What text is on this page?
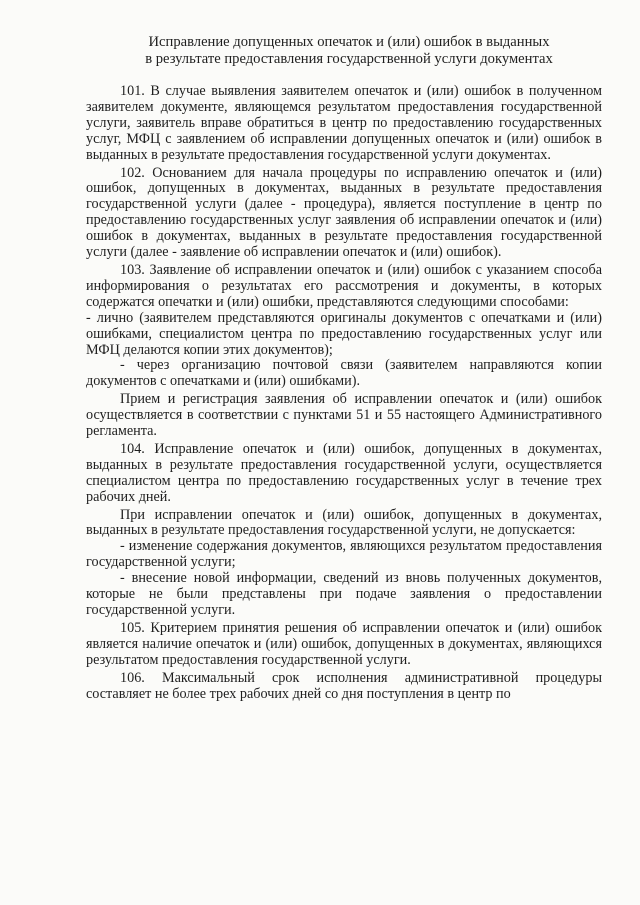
Исправление допущенных опечаток и (или) ошибок в выданных
в результате предоставления государственной услуги документах

101. В случае выявления заявителем опечаток и (или) ошибок в полученном заявителем документе, являющемся результатом предоставления государственной услуги, заявитель вправе обратиться в центр по предоставлению государственных услуг, МФЦ с заявлением об исправлении допущенных опечаток и (или) ошибок в выданных в результате предоставления государственной услуги документах.

102. Основанием для начала процедуры по исправлению опечаток и (или) ошибок, допущенных в документах, выданных в результате предоставления государственной услуги (далее - процедура), является поступление в центр по предоставлению государственных услуг заявления об исправлении опечаток и (или) ошибок в документах, выданных в результате предоставления государственной услуги (далее - заявление об исправлении опечаток и (или) ошибок).

103. Заявление об исправлении опечаток и (или) ошибок с указанием способа информирования о результатах его рассмотрения и документы, в которых содержатся опечатки и (или) ошибки, представляются следующими способами:

- лично (заявителем представляются оригиналы документов с опечатками и (или) ошибками, специалистом центра по предоставлению государственных услуг или МФЦ делаются копии этих документов);

- через организацию почтовой связи (заявителем направляются копии документов с опечатками и (или) ошибками).

Прием и регистрация заявления об исправлении опечаток и (или) ошибок осуществляется в соответствии с пунктами 51 и 55 настоящего Административного регламента.

104. Исправление опечаток и (или) ошибок, допущенных в документах, выданных в результате предоставления государственной услуги, осуществляется специалистом центра по предоставлению государственных услуг в течение трех рабочих дней.

При исправлении опечаток и (или) ошибок, допущенных в документах, выданных в результате предоставления государственной услуги, не допускается:

- изменение содержания документов, являющихся результатом предоставления государственной услуги;

- внесение новой информации, сведений из вновь полученных документов, которые не были представлены при подаче заявления о предоставлении государственной услуги.

105. Критерием принятия решения об исправлении опечаток и (или) ошибок является наличие опечаток и (или) ошибок, допущенных в документах, являющихся результатом предоставления государственной услуги.

106. Максимальный срок исполнения административной процедуры составляет не более трех рабочих дней со дня поступления в центр по
